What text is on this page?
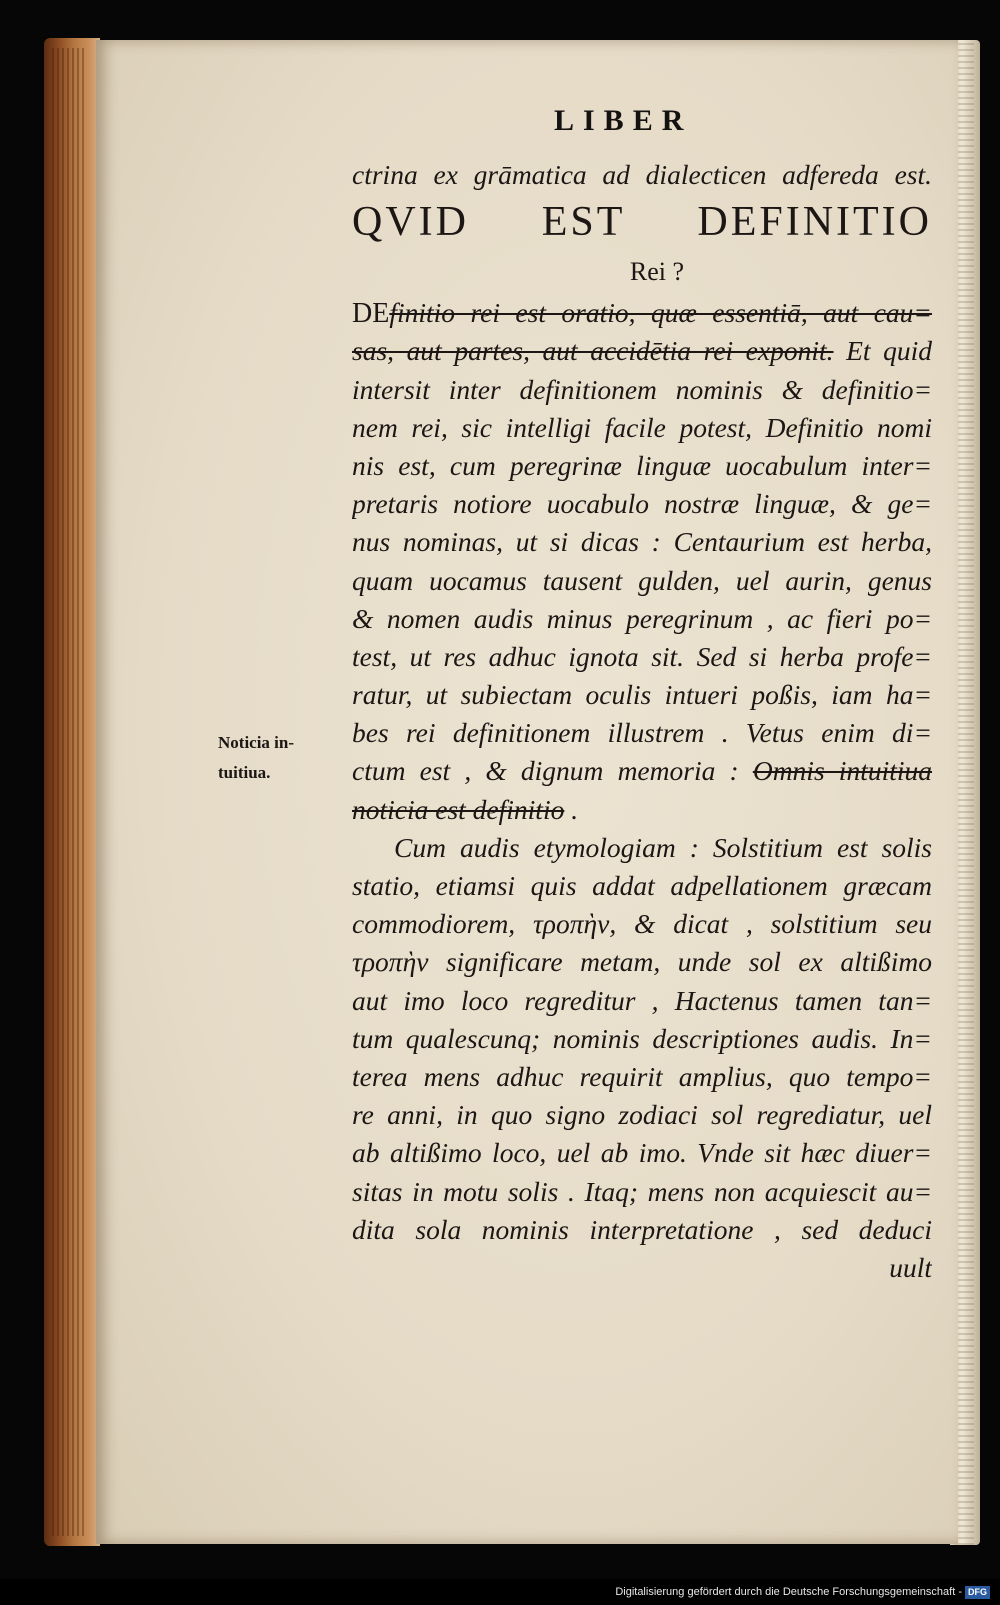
LIBER
ctrina ex grāmatica ad dialecticen adfereda est.
QVID EST DEFINITIO
Rei ?
DEfinitio rei est oratio, quæ essentiā, aut cau=
sas, aut partes, aut accidētia rei exponit. Et quid
intersit inter definitionem nominis & definitio=
nem rei, sic intelligi facile potest, Definitio nomi
nis est, cum peregrinæ linguæ uocabulum inter=
pretaris notiore uocabulo nostræ linguæ, & ge=
nus nominas, ut si dicas : Centaurium est herba,
quam uocamus tausent gulden, uel aurin, genus
& nomen audis minus peregrinum , ac fieri po=
test, ut res adhuc ignota sit. Sed si herba profe=
ratur, ut subiectam oculis intueri poßis, iam ha=
bes rei definitionem illustrem . Vetus enim di=
ctum est , & dignum memoria : Omnis intuitiua
noticia est definitio .
Cum audis etymologiam : Solstitium est solis
statio, etiamsi quis addat adpellationem græcam
commodiorem, τροπὴν, & dicat , solstitium seu
τροπὴν significare metam, unde sol ex altißimo
aut imo loco regreditur , Hactenus tamen tan=
tum qualescunq; nominis descriptiones audis. In=
terea mens adhuc requirit amplius, quo tempo=
re anni, in quo signo zodiaci sol regrediatur, uel
ab altißimo loco, uel ab imo. Vnde sit hæc diuer=
sitas in motu solis . Itaq; mens non acquiescit au=
dita sola nominis interpretatione , sed deduci
uult
Noticia in-
tuitiua.
Digitalisierung gefördert durch die Deutsche Forschungsgemeinschaft - DFG
